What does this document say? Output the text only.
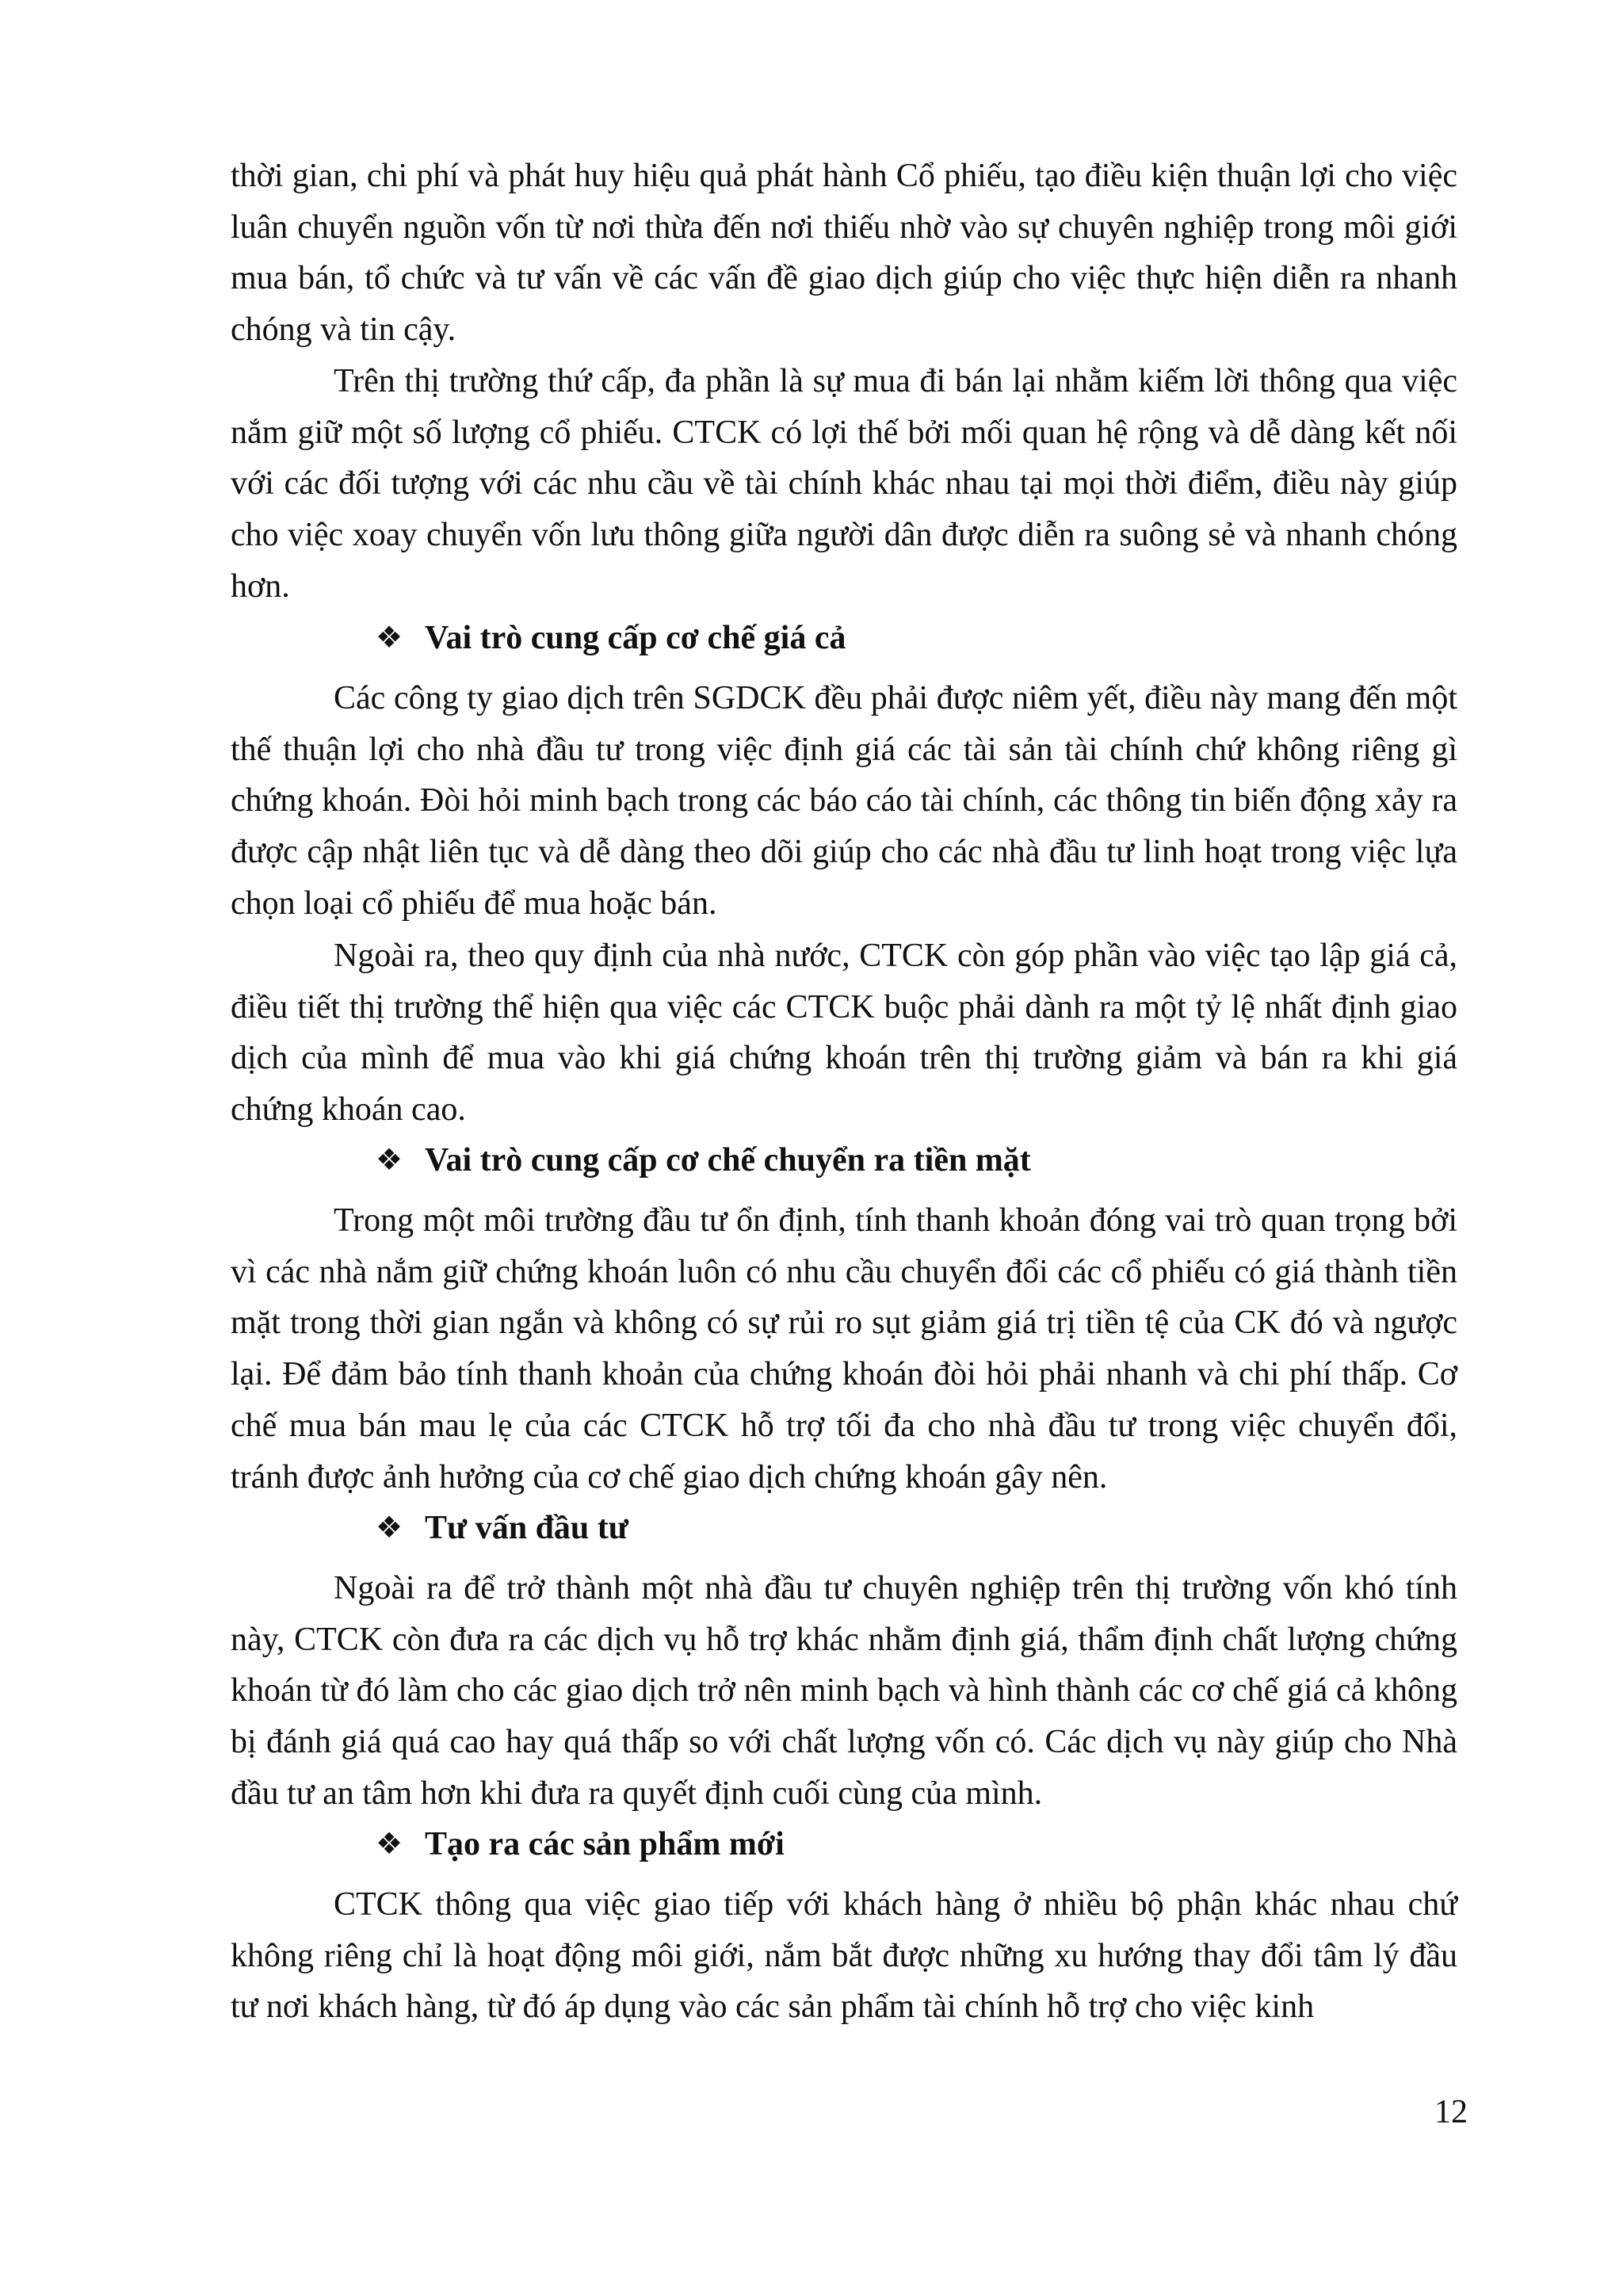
thời gian, chi phí và phát huy hiệu quả phát hành Cổ phiếu, tạo điều kiện thuận lợi cho việc luân chuyển nguồn vốn từ nơi thừa đến nơi thiếu nhờ vào sự chuyên nghiệp trong môi giới mua bán, tổ chức và tư vấn về các vấn đề giao dịch giúp cho việc thực hiện diễn ra nhanh chóng và tin cậy.

Trên thị trường thứ cấp, đa phần là sự mua đi bán lại nhằm kiếm lời thông qua việc nắm giữ một số lượng cổ phiếu. CTCK có lợi thế bởi mối quan hệ rộng và dễ dàng kết nối với các đối tượng với các nhu cầu về tài chính khác nhau tại mọi thời điểm, điều này giúp cho việc xoay chuyển vốn lưu thông giữa người dân được diễn ra suông sẻ và nhanh chóng hơn.

❖ Vai trò cung cấp cơ chế giá cả

Các công ty giao dịch trên SGDCK đều phải được niêm yết, điều này mang đến một thế thuận lợi cho nhà đầu tư trong việc định giá các tài sản tài chính chứ không riêng gì chứng khoán. Đòi hỏi minh bạch trong các báo cáo tài chính, các thông tin biến động xảy ra được cập nhật liên tục và dễ dàng theo dõi giúp cho các nhà đầu tư linh hoạt trong việc lựa chọn loại cổ phiếu để mua hoặc bán.

Ngoài ra, theo quy định của nhà nước, CTCK còn góp phần vào việc tạo lập giá cả, điều tiết thị trường thể hiện qua việc các CTCK buộc phải dành ra một tỷ lệ nhất định giao dịch của mình để mua vào khi giá chứng khoán trên thị trường giảm và bán ra khi giá chứng khoán cao.

❖ Vai trò cung cấp cơ chế chuyển ra tiền mặt

Trong một môi trường đầu tư ổn định, tính thanh khoản đóng vai trò quan trọng bởi vì các nhà nắm giữ chứng khoán luôn có nhu cầu chuyển đổi các cổ phiếu có giá thành tiền mặt trong thời gian ngắn và không có sự rủi ro sụt giảm giá trị tiền tệ của CK đó và ngược lại. Để đảm bảo tính thanh khoản của chứng khoán đòi hỏi phải nhanh và chi phí thấp. Cơ chế mua bán mau lẹ của các CTCK hỗ trợ tối đa cho nhà đầu tư trong việc chuyển đổi, tránh được ảnh hưởng của cơ chế giao dịch chứng khoán gây nên.

❖ Tư vấn đầu tư

Ngoài ra để trở thành một nhà đầu tư chuyên nghiệp trên thị trường vốn khó tính này, CTCK còn đưa ra các dịch vụ hỗ trợ khác nhằm định giá, thẩm định chất lượng chứng khoán từ đó làm cho các giao dịch trở nên minh bạch và hình thành các cơ chế giá cả không bị đánh giá quá cao hay quá thấp so với chất lượng vốn có. Các dịch vụ này giúp cho Nhà đầu tư an tâm hơn khi đưa ra quyết định cuối cùng của mình.

❖ Tạo ra các sản phẩm mới

CTCK thông qua việc giao tiếp với khách hàng ở nhiều bộ phận khác nhau chứ không riêng chỉ là hoạt động môi giới, nắm bắt được những xu hướng thay đổi tâm lý đầu tư nơi khách hàng, từ đó áp dụng vào các sản phẩm tài chính hỗ trợ cho việc kinh

12
